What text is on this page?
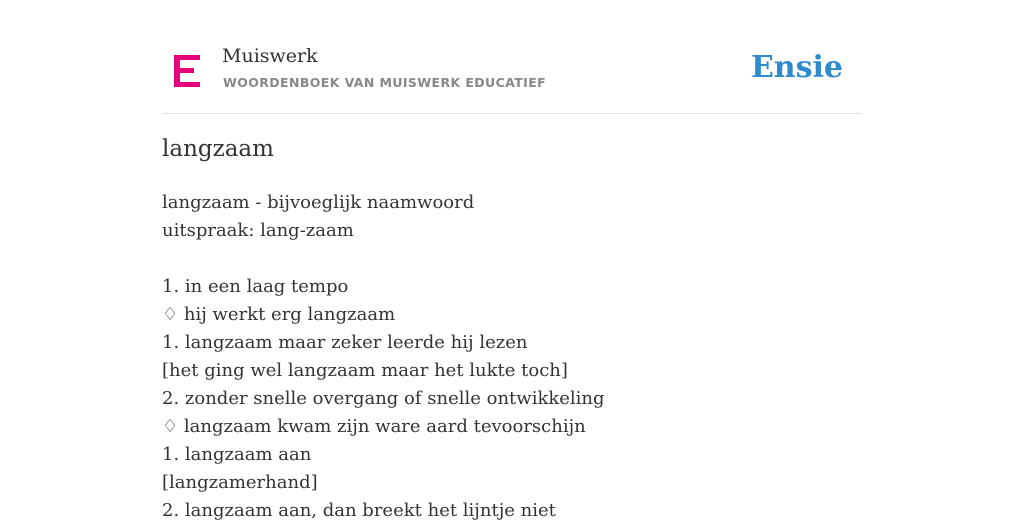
Muiswerk
WOORDENBOEK VAN MUISWERK EDUCATIEF	Ensie
langzaam
langzaam - bijvoeglijk naamwoord
uitspraak: lang-zaam
1. in een laag tempo
♢ hij werkt erg langzaam
1. langzaam maar zeker leerde hij lezen
[het ging wel langzaam maar het lukte toch]
2. zonder snelle overgang of snelle ontwikkeling
♢ langzaam kwam zijn ware aard tevoorschijn
1. langzaam aan
[langzamerhand]
2. langzaam aan, dan breekt het lijntje niet
